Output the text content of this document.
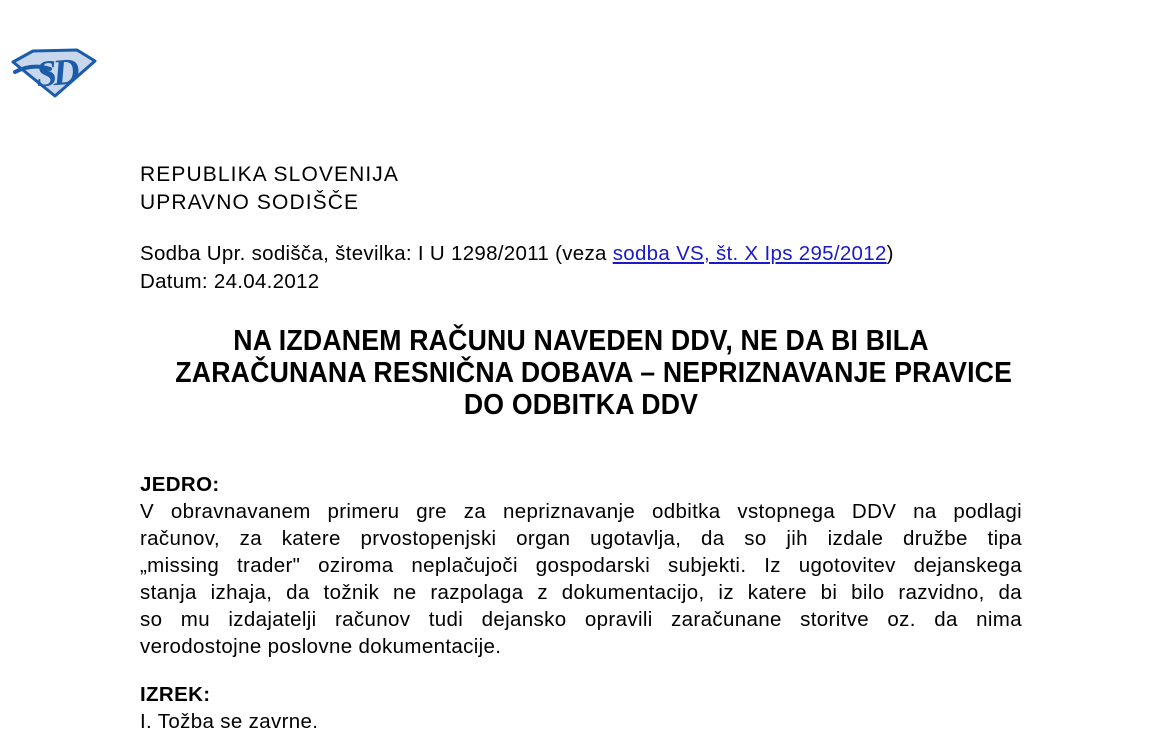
SD
REPUBLIKA SLOVENIJA
UPRAVNO SODIŠČE
Sodba Upr. sodišča, številka: I U 1298/2011 (veza sodba VS, št. X Ips 295/2012)
Datum: 24.04.2012
NA IZDANEM RAČUNU NAVEDEN DDV, NE DA BI BILA
ZARAČUNANA RESNIČNA DOBAVA – NEPRIZNAVANJE PRAVICE
DO ODBITKA DDV
JEDRO:
V obravnavanem primeru gre za nepriznavanje odbitka vstopnega DDV na podlagi
računov, za katere prvostopenjski organ ugotavlja, da so jih izdale družbe tipa
„missing trader" oziroma neplačujoči gospodarski subjekti. Iz ugotovitev dejanskega
stanja izhaja, da tožnik ne razpolaga z dokumentacijo, iz katere bi bilo razvidno, da
so mu izdajatelji računov tudi dejansko opravili zaračunane storitve oz. da nima
verodostojne poslovne dokumentacije.
IZREK:
I. Tožba se zavrne.
